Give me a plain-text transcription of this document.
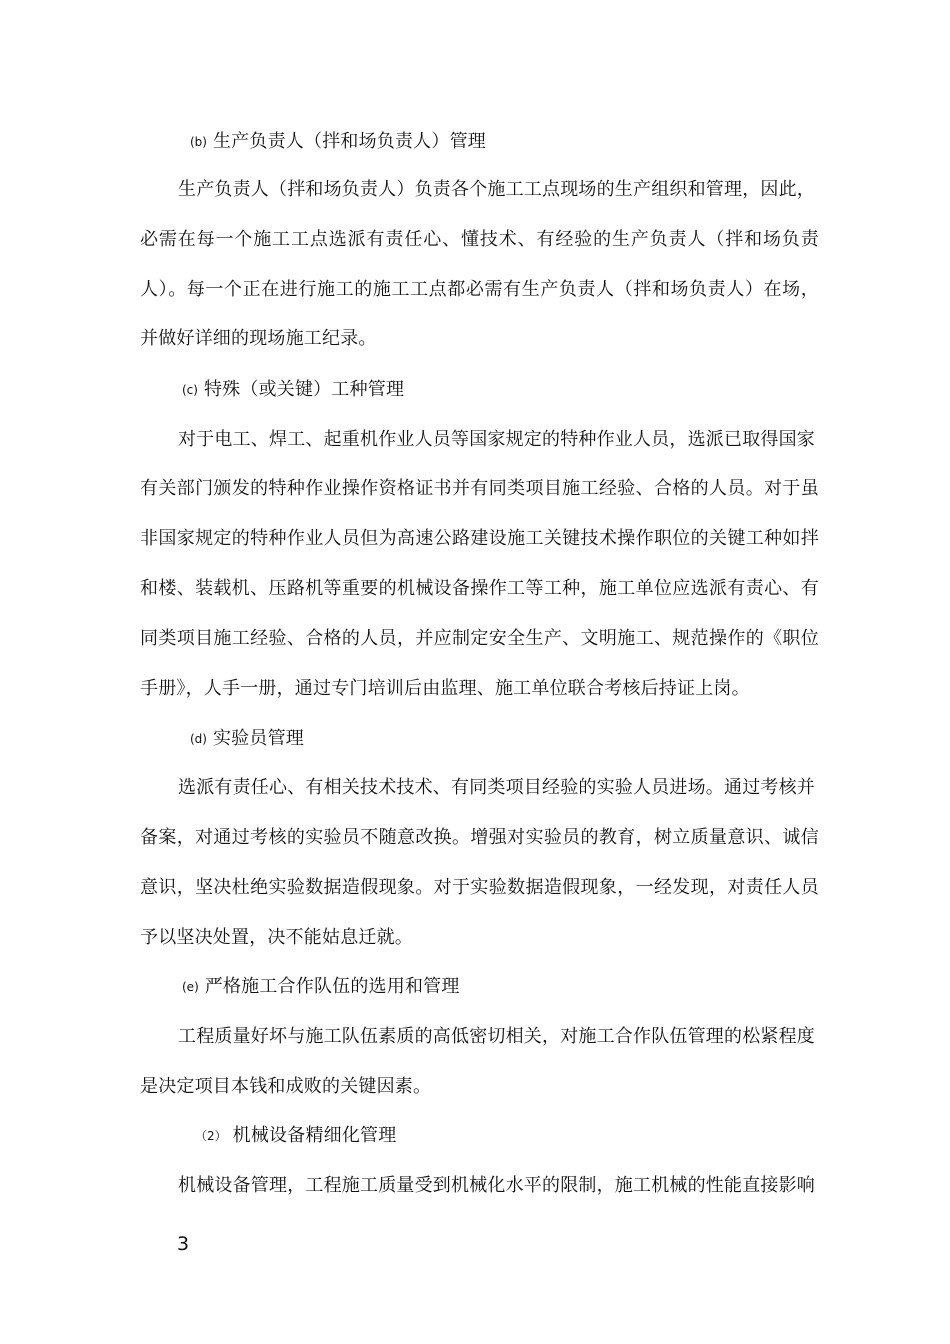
(b) 生产负责人（拌和场负责人）管理
生产负责人（拌和场负责人）负责各个施工工点现场的生产组织和管理，因此，
必需在每一个施工工点选派有责任心、懂技术、有经验的生产负责人（拌和场负责
人）。每一个正在进行施工的施工工点都必需有生产负责人（拌和场负责人）在场，
并做好详细的现场施工纪录。
(c) 特殊（或关键）工种管理
对于电工、焊工、起重机作业人员等国家规定的特种作业人员，选派已取得国家
有关部门颁发的特种作业操作资格证书并有同类项目施工经验、合格的人员。对于虽
非国家规定的特种作业人员但为高速公路建设施工关键技术操作职位的关键工种如拌
和楼、装载机、压路机等重要的机械设备操作工等工种，施工单位应选派有责心、有
同类项目施工经验、合格的人员，并应制定安全生产、文明施工、规范操作的《职位
手册》，人手一册，通过专门培训后由监理、施工单位联合考核后持证上岗。
(d) 实验员管理
选派有责任心、有相关技术技术、有同类项目经验的实验人员进场。通过考核并
备案，对通过考核的实验员不随意改换。增强对实验员的教育，树立质量意识、诚信
意识，坚决杜绝实验数据造假现象。对于实验数据造假现象，一经发现，对责任人员
予以坚决处置，决不能姑息迁就。
(e) 严格施工合作队伍的选用和管理
工程质量好坏与施工队伍素质的高低密切相关，对施工合作队伍管理的松紧程度
是决定项目本钱和成败的关键因素。
（2） 机械设备精细化管理
机械设备管理，工程施工质量受到机械化水平的限制，施工机械的性能直接影响
3
